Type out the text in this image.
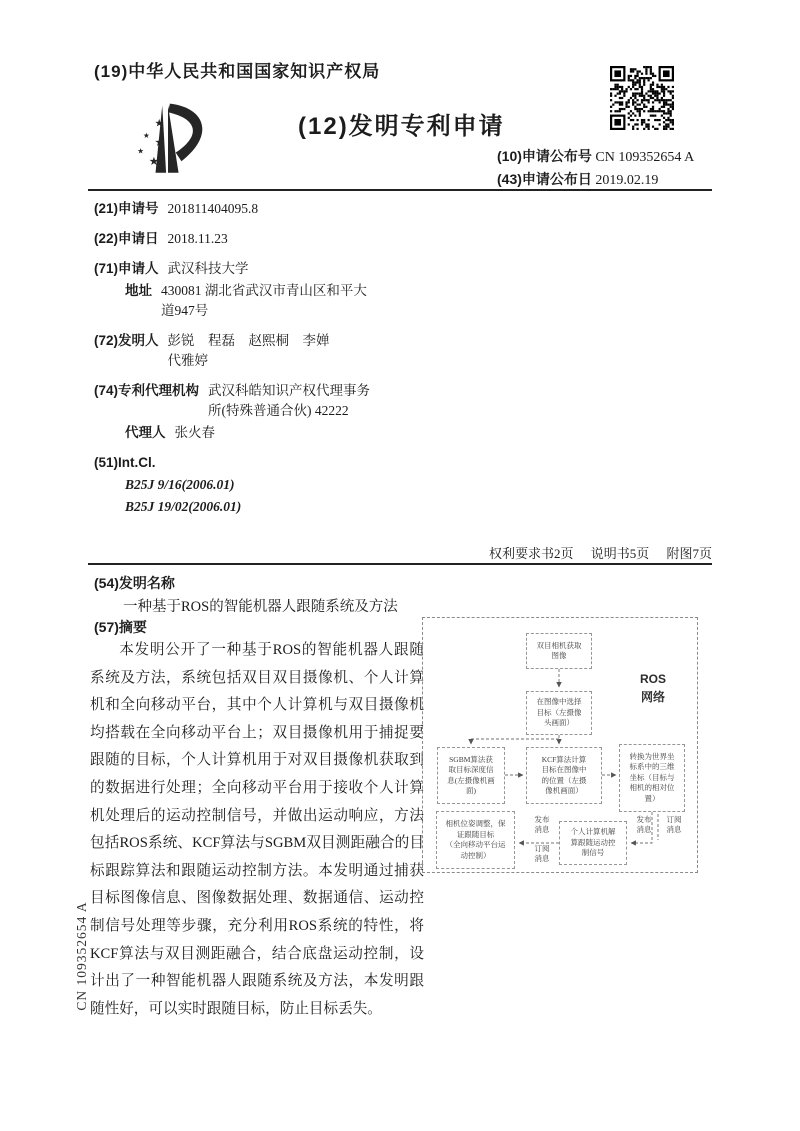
(19)中华人民共和国国家知识产权局
★
★
★
★
★
(12)发明专利申请
(10)申请公布号 CN 109352654 A
(43)申请公布日 2019.02.19
(21)申请号 201811404095.8
(22)申请日 2018.11.23
(71)申请人 武汉科技大学
地址 430081 湖北省武汉市青山区和平大
道947号
(72)发明人 彭锐　程磊　赵熙桐　李婵
代雅婷
(74)专利代理机构 武汉科皓知识产权代理事务
所(特殊普通合伙) 42222
代理人 张火春
(51)Int.Cl.
B25J 9/16(2006.01)
B25J 19/02(2006.01)
权利要求书2页 说明书5页 附图7页
(54)发明名称
一种基于ROS的智能机器人跟随系统及方法
(57)摘要

本发明公开了一种基于ROS的智能机器人跟随系统及方法，系统包括双目双目摄像机、个人计算机和全向移动平台，其中个人计算机与双目摄像机均搭载在全向移动平台上；双目摄像机用于捕捉要跟随的目标，个人计算机用于对双目摄像机获取到的数据进行处理；全向移动平台用于接收个人计算机处理后的运动控制信号，并做出运动响应，方法包括ROS系统、KCF算法与SGBM双目测距融合的目标跟踪算法和跟随运动控制方法。本发明通过捕获目标图像信息、图像数据处理、数据通信、运动控制信号处理等步骤，充分利用ROS系统的特性，将KCF算法与双目测距融合，结合底盘运动控制，设计出了一种智能机器人跟随系统及方法，本发明跟随性好，可以实时跟随目标，防止目标丢失。

ROS
网络
双目相机获取
图像
在图像中选择
目标（左摄像
头画面）
SGBM算法获
取目标深度信
息(左摄像机画
面)
KCF算法计算
目标在图像中
的位置（左摄
像机画面）
转换为世界坐
标系中的三维
坐标（目标与
相机的相对位
置）
相机位姿调整，保
证跟随目标
（全向移动平台运
动控制）
个人计算机解
算跟随运动控
制信号
发布
消息
订阅
消息
发布
消息
订阅
消息
CN 109352654 A
